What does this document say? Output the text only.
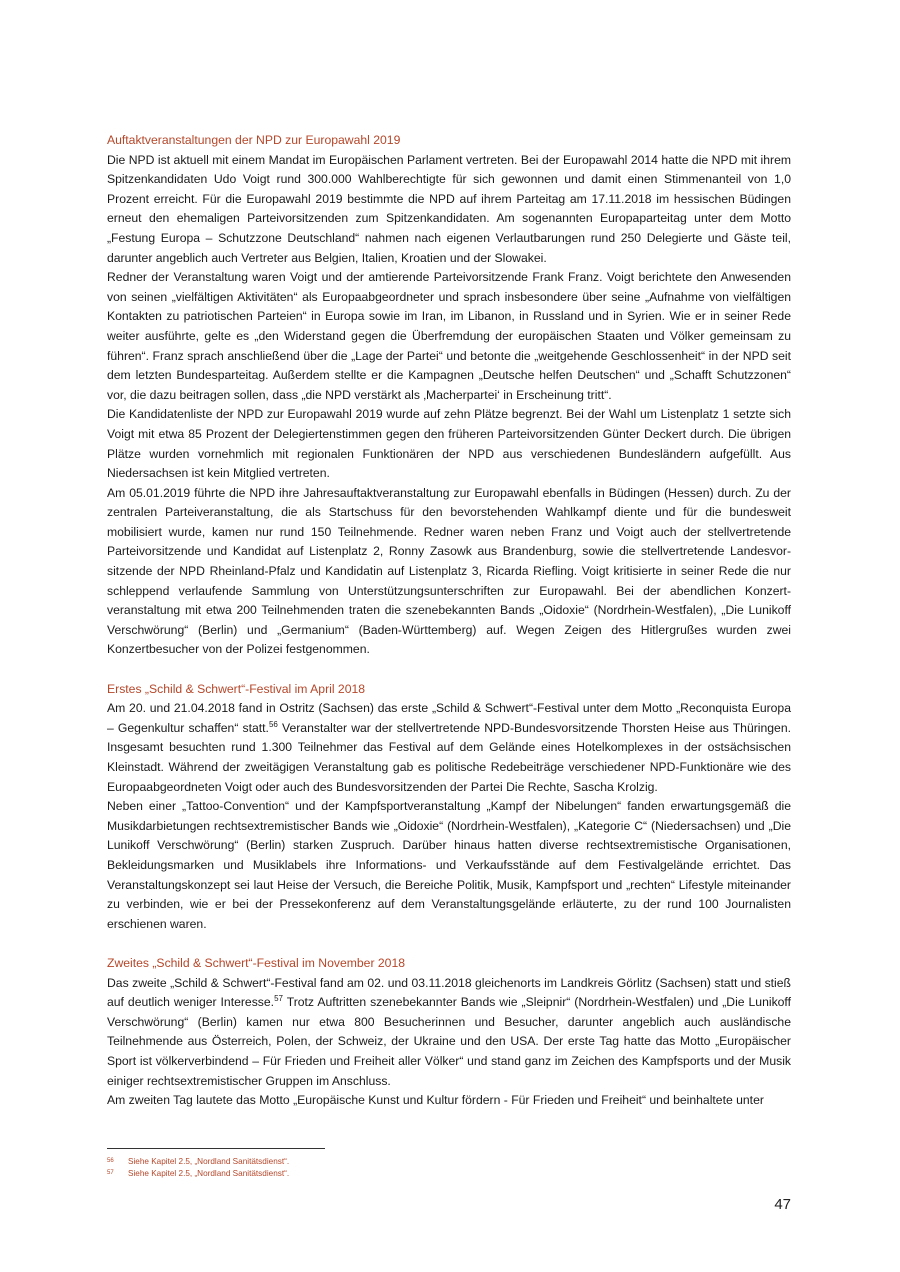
Auftaktveranstaltungen der NPD zur Europawahl 2019

Die NPD ist aktuell mit einem Mandat im Europäischen Parlament vertreten. Bei der Europawahl 2014 hatte die NPD mit ihrem Spitzenkandidaten Udo Voigt rund 300.000 Wahlberechtigte für sich gewonnen und damit einen Stimmenanteil von 1,0 Prozent erreicht. Für die Europawahl 2019 bestimmte die NPD auf ihrem Parteitag am 17.11.2018 im hessischen Büdingen erneut den ehemaligen Parteivorsitzenden zum Spitzenkandidaten. Am sogenannten Europaparteitag unter dem Motto „Festung Europa – Schutzzone Deutschland“ nahmen nach eigenen Verlautbarungen rund 250 Delegierte und Gäste teil, darunter angeblich auch Vertreter aus Belgien, Italien, Kroatien und der Slowakei.

Redner der Veranstaltung waren Voigt und der amtierende Parteivorsitzende Frank Franz. Voigt berichtete den Anwesenden von seinen „vielfältigen Aktivitäten“ als Europaabgeordneter und sprach insbesondere über seine „Aufnahme von vielfältigen Kontakten zu patriotischen Parteien“ in Europa sowie im Iran, im Libanon, in Russland und in Syrien. Wie er in seiner Rede weiter ausführte, gelte es „den Widerstand gegen die Überfremdung der europäischen Staaten und Völker gemeinsam zu führen“. Franz sprach anschließend über die „Lage der Partei“ und betonte die „weitgehende Geschlossenheit“ in der NPD seit dem letzten Bundesparteitag. Außerdem stellte er die Kampagnen „Deutsche helfen Deutschen“ und „Schafft Schutzzonen“ vor, die dazu beitragen sollen, dass „die NPD verstärkt als ‚Macherpartei‘ in Erscheinung tritt“.

Die Kandidatenliste der NPD zur Europawahl 2019 wurde auf zehn Plätze begrenzt. Bei der Wahl um Listenplatz 1 setzte sich Voigt mit etwa 85 Prozent der Delegiertenstimmen gegen den früheren Parteivorsitzenden Günter Deckert durch. Die übrigen Plätze wurden vornehmlich mit regionalen Funktionären der NPD aus verschiedenen Bundesländern aufgefüllt. Aus Niedersachsen ist kein Mitglied vertreten.

Am 05.01.2019 führte die NPD ihre Jahresauftaktveranstaltung zur Europawahl ebenfalls in Büdingen (Hessen) durch. Zu der zentralen Parteiveranstaltung, die als Startschuss für den bevorstehenden Wahlkampf diente und für die bundesweit mobilisiert wurde, kamen nur rund 150 Teilnehmende. Redner waren neben Franz und Voigt auch der stellvertretende Parteivorsitzende und Kandidat auf Listenplatz 2, Ronny Zasowk aus Brandenburg, sowie die stellvertretende Landesvorsitzende der NPD Rheinland-Pfalz und Kandidatin auf Listenplatz 3, Ricarda Riefling. Voigt kritisierte in seiner Rede die nur schleppend verlaufende Sammlung von Unterstützungsunterschriften zur Europawahl. Bei der abendlichen Konzertveranstaltung mit etwa 200 Teilnehmenden traten die szenebekannten Bands „Oidoxie“ (Nordrhein-Westfalen), „Die Lunikoff Verschwörung“ (Berlin) und „Germanium“ (Baden-Württemberg) auf. Wegen Zeigen des Hitlergrußes wurden zwei Konzertbesucher von der Polizei festgenommen.

Erstes „Schild & Schwert“-Festival im April 2018

Am 20. und 21.04.2018 fand in Ostritz (Sachsen) das erste „Schild & Schwert“-Festival unter dem Motto „Reconquista Europa – Gegenkultur schaffen“ statt.$^{56}$ Veranstalter war der stellvertretende NPD-Bundesvorsitzende Thorsten Heise aus Thüringen. Insgesamt besuchten rund 1.300 Teilnehmer das Festival auf dem Gelände eines Hotelkomplexes in der ostsächsischen Kleinstadt. Während der zweitägigen Veranstaltung gab es politische Redebeiträge verschiedener NPD-Funktionäre wie des Europaabgeordneten Voigt oder auch des Bundesvorsitzenden der Partei Die Rechte, Sascha Krolzig.

Neben einer „Tattoo-Convention“ und der Kampfsportveranstaltung „Kampf der Nibelungen“ fanden erwartungsgemäß die Musikdarbietungen rechtsextremistischer Bands wie „Oidoxie“ (Nordrhein-Westfalen), „Kategorie C“ (Niedersachsen) und „Die Lunikoff Verschwörung“ (Berlin) starken Zuspruch. Darüber hinaus hatten diverse rechtsextremistische Organisationen, Bekleidungsmarken und Musiklabels ihre Informations- und Verkaufsstände auf dem Festivalgelände errichtet. Das Veranstaltungskonzept sei laut Heise der Versuch, die Bereiche Politik, Musik, Kampfsport und „rechten“ Lifestyle miteinander zu verbinden, wie er bei der Pressekonferenz auf dem Veranstaltungsgelände erläuterte, zu der rund 100 Journalisten erschienen waren.

Zweites „Schild & Schwert“-Festival im November 2018

Das zweite „Schild & Schwert“-Festival fand am 02. und 03.11.2018 gleichenorts im Landkreis Görlitz (Sachsen) statt und stieß auf deutlich weniger Interesse.$^{57}$ Trotz Auftritten szenebekannter Bands wie „Sleipnir“ (Nordrhein-Westfalen) und „Die Lunikoff Verschwörung“ (Berlin) kamen nur etwa 800 Besucherinnen und Besucher, darunter angeblich auch ausländische Teilnehmende aus Österreich, Polen, der Schweiz, der Ukraine und den USA. Der erste Tag hatte das Motto „Europäischer Sport ist völkerverbindend – Für Frieden und Freiheit aller Völker“ und stand ganz im Zeichen des Kampfsports und der Musik einiger rechtsextremistischer Gruppen im Anschluss.

Am zweiten Tag lautete das Motto „Europäische Kunst und Kultur fördern - Für Frieden und Freiheit“ und beinhaltete unter

56	Siehe Kapitel 2.5, „Nordland Sanitätsdienst“.
57	Siehe Kapitel 2.5, „Nordland Sanitätsdienst“.
47
